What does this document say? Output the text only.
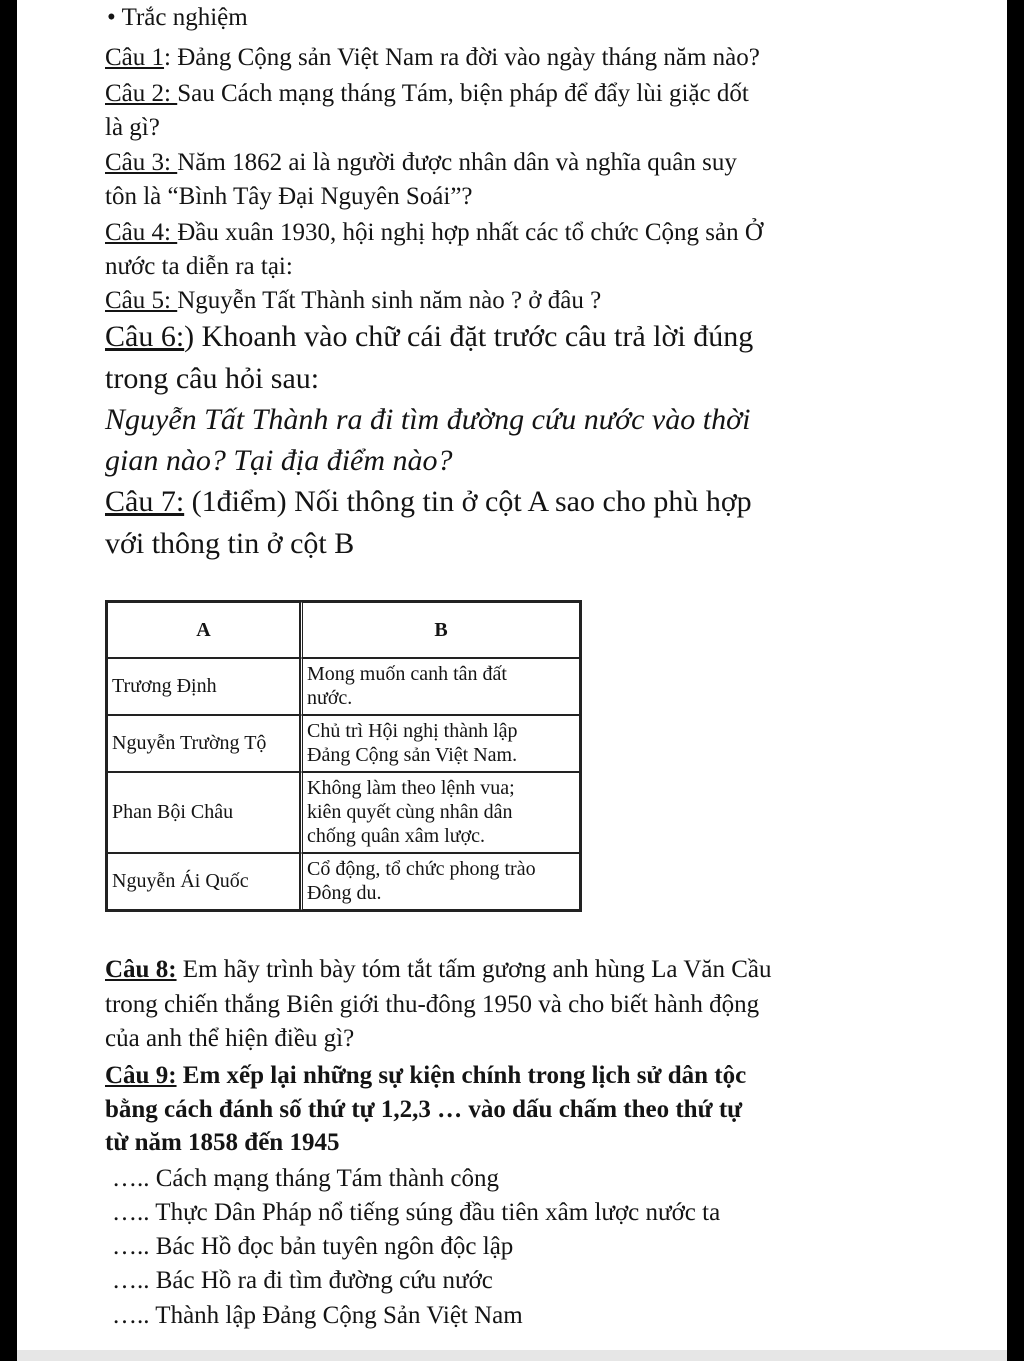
• Trắc nghiệm
Câu 1: Đảng Cộng sản Việt Nam ra đời vào ngày tháng năm nào?
Câu 2: Sau Cách mạng tháng Tám, biện pháp để đẩy lùi giặc dốt
là gì?
Câu 3: Năm 1862 ai là người được nhân dân và nghĩa quân suy
tôn là “Bình Tây Đại Nguyên Soái”?
Câu 4: Đầu xuân 1930, hội nghị hợp nhất các tổ chức Cộng sản Ở
nước ta diễn ra tại:
Câu 5: Nguyễn Tất Thành sinh năm nào ? ở đâu ?
Câu 6:) Khoanh vào chữ cái đặt trước câu trả lời đúng
trong câu hỏi sau:
Nguyễn Tất Thành ra đi tìm đường cứu nước vào thời
gian nào? Tại địa điểm nào?
Câu 7: (1điểm) Nối thông tin ở cột A sao cho phù hợp
với thông tin ở cột B
A	B
Trương Định	Mong muốn canh tân đất
nước.

Nguyễn Trường Tộ	Chủ trì Hội nghị thành lập
Đảng Cộng sản Việt Nam.

Phan Bội Châu	Không làm theo lệnh vua;
kiên quyết cùng nhân dân
chống quân xâm lược.

Nguyễn Ái Quốc	Cổ động, tổ chức phong trào
Đông du.
Câu 8: Em hãy trình bày tóm tắt tấm gương anh hùng La Văn Cầu
trong chiến thắng Biên giới thu-đông 1950 và cho biết hành động
của anh thể hiện điều gì?
Câu 9: Em xếp lại những sự kiện chính trong lịch sử dân tộc
bằng cách đánh số thứ tự 1,2,3 … vào dấu chấm theo thứ tự
từ năm 1858 đến 1945
….. Cách mạng tháng Tám thành công
….. Thực Dân Pháp nổ tiếng súng đầu tiên xâm lược nước ta
….. Bác Hồ đọc bản tuyên ngôn độc lập
….. Bác Hồ ra đi tìm đường cứu nước
….. Thành lập Đảng Cộng Sản Việt Nam
